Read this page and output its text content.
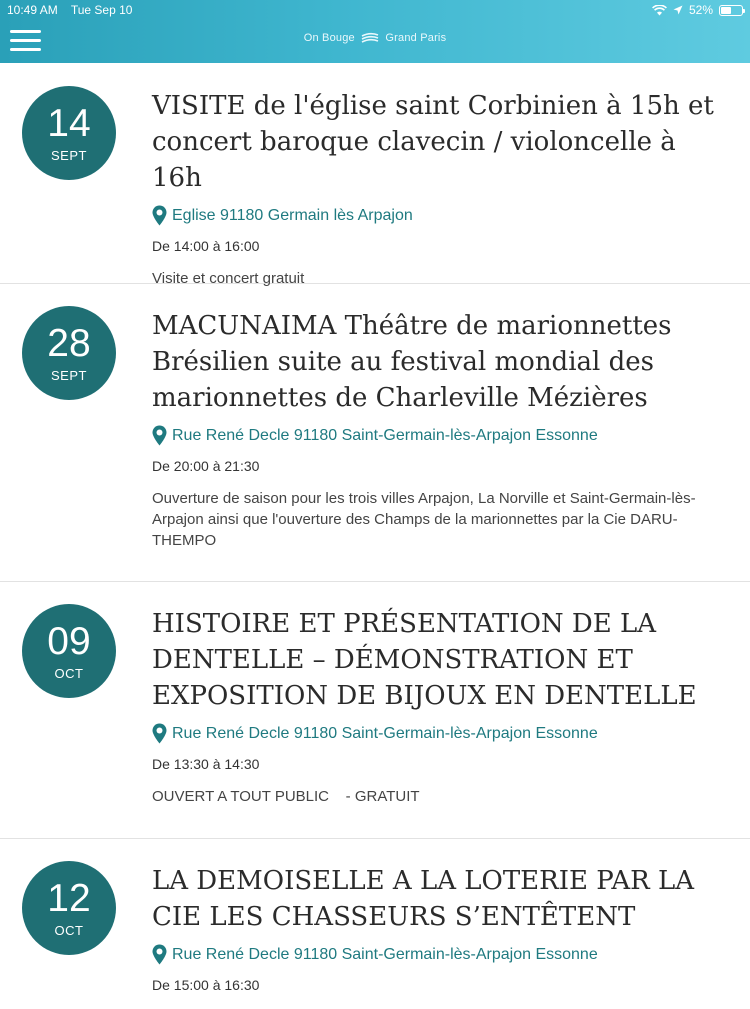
10:49 AM Tue Sep 10	52%
On Bouge	Grand Paris
14
SEPT
VISITE de l'église saint Corbinien à 15h et concert baroque clavecin / violoncelle à 16h
Eglise 91180 Germain lès Arpajon
De 14:00 à 16:00
Visite et concert gratuit
28
SEPT
MACUNAIMA Théâtre de marionnettes Brésilien suite au festival mondial des marionnettes de Charleville Mézières
Rue René Decle 91180 Saint-Germain-lès-Arpajon Essonne
De 20:00 à 21:30
Ouverture de saison pour les trois villes Arpajon, La Norville et Saint-Germain-lès-Arpajon ainsi que l'ouverture des Champs de la marionnettes par la Cie DARU-THEMPO
09
OCT
HISTOIRE ET PRÉSENTATION DE LA DENTELLE – DÉMONSTRATION ET EXPOSITION DE BIJOUX EN DENTELLE
Rue René Decle 91180 Saint-Germain-lès-Arpajon Essonne
De 13:30 à 14:30
OUVERT A TOUT PUBLIC    - GRATUIT
12
OCT
LA DEMOISELLE A LA LOTERIE PAR LA CIE LES CHASSEURS S’ENTÊTENT
Rue René Decle 91180 Saint-Germain-lès-Arpajon Essonne
De 15:00 à 16:30
